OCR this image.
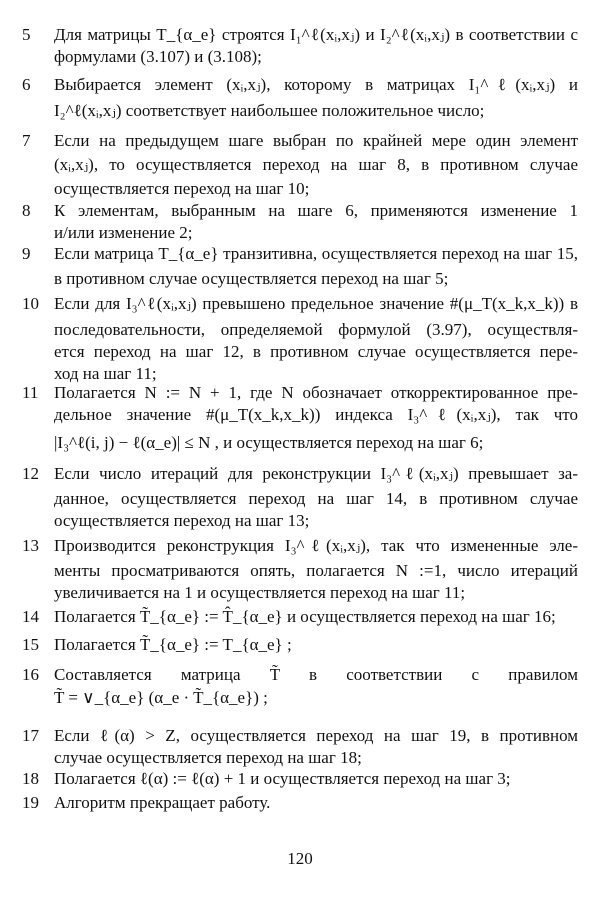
5	Для матрицы T_{α_e} строятся I₁^ℓ(xᵢ,xⱼ) и I₂^ℓ(xᵢ,xⱼ) в соответствии с
формулами (3.107) и (3.108);
6	Выбирается элемент (xᵢ,xⱼ), которому в матрицах I₁^ℓ(xᵢ,xⱼ) и
I₂^ℓ(xᵢ,xⱼ) соответствует наибольшее положительное число;
7	Если на предыдущем шаге выбран по крайней мере один элемент
(xᵢ,xⱼ), то осуществляется переход на шаг 8, в противном случае
осуществляется переход на шаг 10;
8	К элементам, выбранным на шаге 6, применяются изменение 1
и/или изменение 2;
9	Если матрица T_{α_e} транзитивна, осуществляется переход на шаг 15,
в противном случае осуществляется переход на шаг 5;
10 Если для I₃^ℓ(xᵢ,xⱼ) превышено предельное значение #(μ_T(x_k,x_k)) в
последовательности, определяемой формулой (3.97), осуществля-
ется переход на шаг 12, в противном случае осуществляется пере-
ход на шаг 11;
11 Полагается N := N + 1, где N обозначает откорректированное пре-
дельное значение #(μ_T(x_k,x_k)) индекса I₃^ℓ(xᵢ,xⱼ), так что
|I₃^ℓ(i, j) − ℓ(α_e)| ≤ N , и осуществляется переход на шаг 6;
12 Если число итераций для реконструкции I₃^ℓ(xᵢ,xⱼ) превышает за-
данное, осуществляется переход на шаг 14, в противном случае
осуществляется переход на шаг 13;
13 Производится реконструкция I₃^ℓ(xᵢ,xⱼ), так что измененные эле-
менты просматриваются опять, полагается N :=1, число итераций
увеличивается на 1 и осуществляется переход на шаг 11;
14 Полагается T̃_{α_e} := T̂_{α_e} и осуществляется переход на шаг 16;
15 Полагается T̃_{α_e} := T_{α_e} ;
16 Составляется матрица T̃ в соответствии с правилом
T̃ = ∨_{α_e} (α_e · T̃_{α_e}) ;
17 Если ℓ(α) > Z, осуществляется переход на шаг 19, в противном
случае осуществляется переход на шаг 18;
18 Полагается ℓ(α) := ℓ(α) + 1 и осуществляется переход на шаг 3;
19 Алгоритм прекращает работу.
120
